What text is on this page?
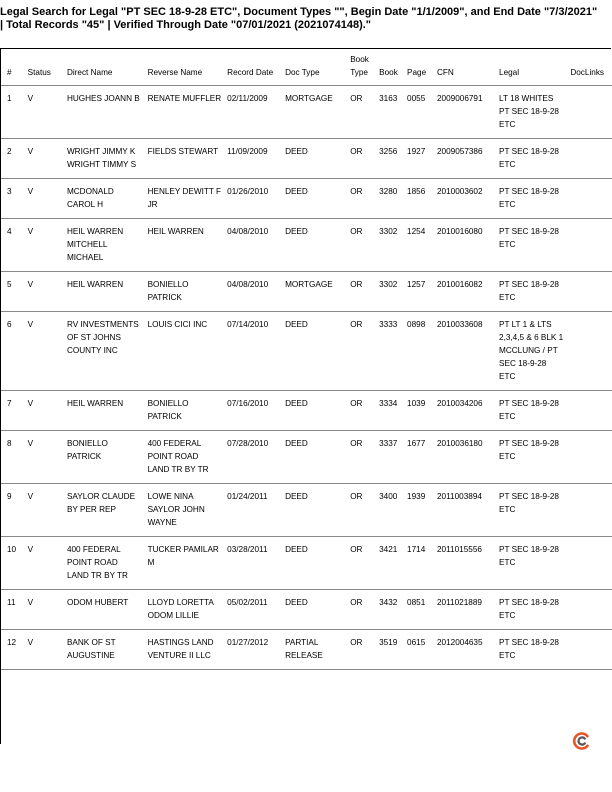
Legal Search for Legal "PT SEC 18-9-28 ETC", Document Types "", Begin Date "1/1/2009", and End Date "7/3/2021"
| Total Records "45" | Verified Through Date "07/01/2021 (2021074148)."
#	Status	Direct Name	Reverse Name	Record Date	Doc Type	Book Type	Book	Page	CFN	Legal	DocLinks
1	V	HUGHES JOANN B	RENATE MUFFLER	02/11/2009	MORTGAGE	OR	3163	0055	2009006791	LT 18 WHITES PT SEC 18-9-28 ETC	
2	V	WRIGHT JIMMY K WRIGHT TIMMY S	FIELDS STEWART	11/09/2009	DEED	OR	3256	1927	2009057386	PT SEC 18-9-28 ETC	
3	V	MCDONALD CAROL H	HENLEY DEWITT F JR	01/26/2010	DEED	OR	3280	1856	2010003602	PT SEC 18-9-28 ETC	
4	V	HEIL WARREN MITCHELL MICHAEL	HEIL WARREN	04/08/2010	DEED	OR	3302	1254	2010016080	PT SEC 18-9-28 ETC	
5	V	HEIL WARREN	BONIELLO PATRICK	04/08/2010	MORTGAGE	OR	3302	1257	2010016082	PT SEC 18-9-28 ETC	
6	V	RV INVESTMENTS OF ST JOHNS COUNTY INC	LOUIS CICI INC	07/14/2010	DEED	OR	3333	0898	2010033608	PT LT 1 & LTS 2,3,4,5 & 6 BLK 1 MCCLUNG / PT SEC 18-9-28 ETC	
7	V	HEIL WARREN	BONIELLO PATRICK	07/16/2010	DEED	OR	3334	1039	2010034206	PT SEC 18-9-28 ETC	
8	V	BONIELLO PATRICK	400 FEDERAL POINT ROAD LAND TR BY TR	07/28/2010	DEED	OR	3337	1677	2010036180	PT SEC 18-9-28 ETC	
9	V	SAYLOR CLAUDE BY PER REP	LOWE NINA SAYLOR JOHN WAYNE	01/24/2011	DEED	OR	3400	1939	2011003894	PT SEC 18-9-28 ETC	
10	V	400 FEDERAL POINT ROAD LAND TR BY TR	TUCKER PAMILAR M	03/28/2011	DEED	OR	3421	1714	2011015556	PT SEC 18-9-28 ETC	
11	V	ODOM HUBERT	LLOYD LORETTA ODOM LILLIE	05/02/2011	DEED	OR	3432	0851	2011021889	PT SEC 18-9-28 ETC	
12	V	BANK OF ST AUGUSTINE	HASTINGS LAND VENTURE II LLC	01/27/2012	PARTIAL RELEASE	OR	3519	0615	2012004635	PT SEC 18-9-28 ETC	
